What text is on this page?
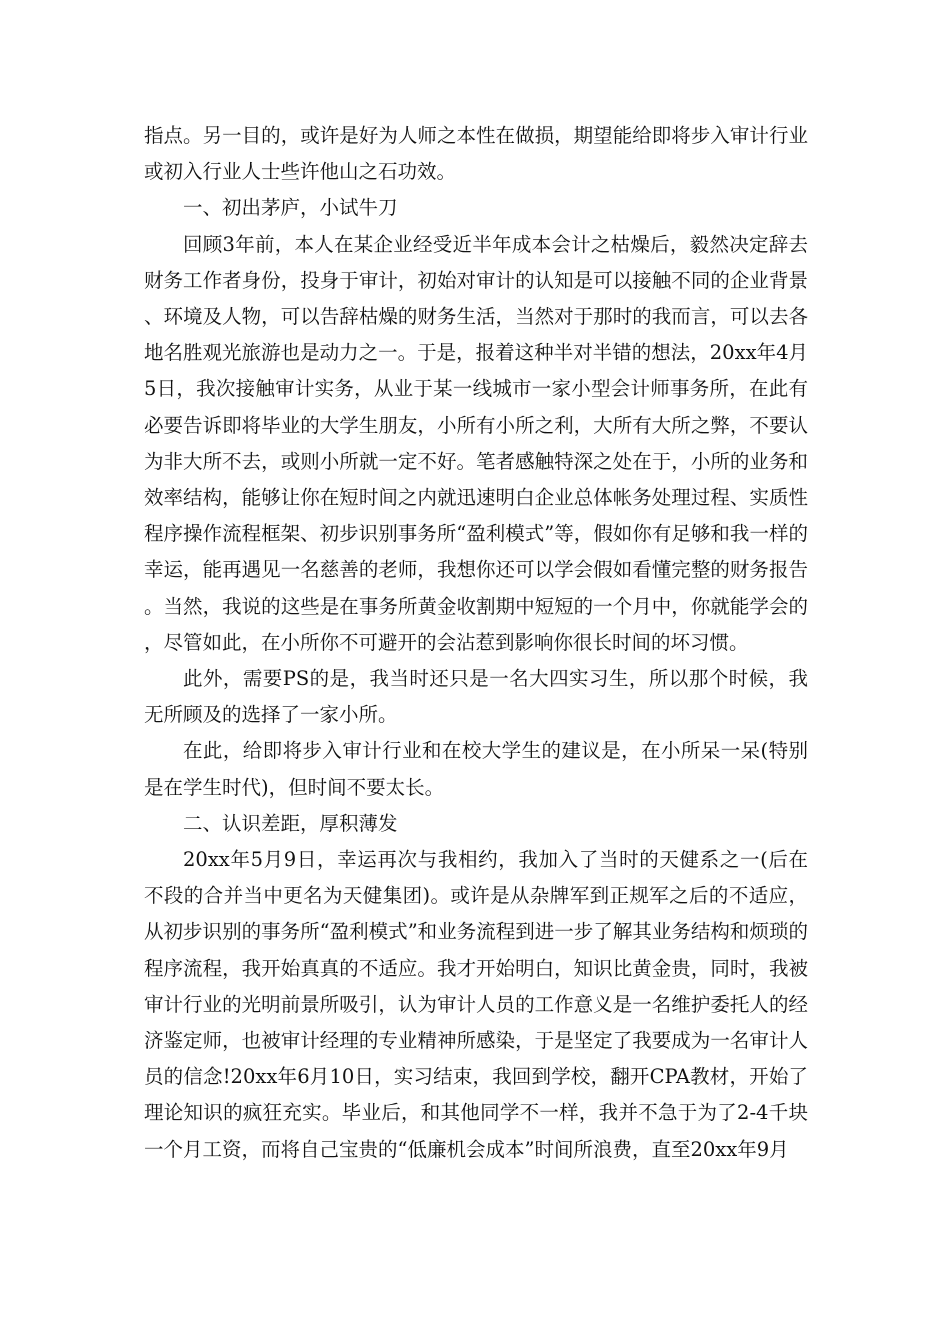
指点。另一目的，或许是好为人师之本性在做损，期望能给即将步入审计行业或初入行业人士些许他山之石功效。

一、初出茅庐，小试牛刀

回顾3年前，本人在某企业经受近半年成本会计之枯燥后，毅然决定辞去财务工作者身份，投身于审计，初始对审计的认知是可以接触不同的企业背景、环境及人物，可以告辞枯燥的财务生活，当然对于那时的我而言，可以去各地名胜观光旅游也是动力之一。于是，报着这种半对半错的想法，20xx年4月5日，我次接触审计实务，从业于某一线城市一家小型会计师事务所，在此有必要告诉即将毕业的大学生朋友，小所有小所之利，大所有大所之弊，不要认为非大所不去，或则小所就一定不好。笔者感触特深之处在于，小所的业务和效率结构，能够让你在短时间之内就迅速明白企业总体帐务处理过程、实质性程序操作流程框架、初步识别事务所“盈利模式”等，假如你有足够和我一样的幸运，能再遇见一名慈善的老师，我想你还可以学会假如看懂完整的财务报告。当然，我说的这些是在事务所黄金收割期中短短的一个月中，你就能学会的，尽管如此，在小所你不可避开的会沾惹到影响你很长时间的坏习惯。

此外，需要PS的是，我当时还只是一名大四实习生，所以那个时候，我无所顾及的选择了一家小所。

在此，给即将步入审计行业和在校大学生的建议是，在小所呆一呆(特别是在学生时代)，但时间不要太长。

二、认识差距，厚积薄发

20xx年5月9日，幸运再次与我相约，我加入了当时的天健系之一(后在不段的合并当中更名为天健集团)。或许是从杂牌军到正规军之后的不适应，从初步识别的事务所“盈利模式”和业务流程到进一步了解其业务结构和烦琐的程序流程，我开始真真的不适应。我才开始明白，知识比黄金贵，同时，我被审计行业的光明前景所吸引，认为审计人员的工作意义是一名维护委托人的经济鉴定师，也被审计经理的专业精神所感染，于是坚定了我要成为一名审计人员的信念!20xx年6月10日，实习结束，我回到学校，翻开CPA教材，开始了理论知识的疯狂充实。毕业后，和其他同学不一样，我并不急于为了2-4千块一个月工资，而将自己宝贵的“低廉机会成本”时间所浪费，直至20xx年9月
